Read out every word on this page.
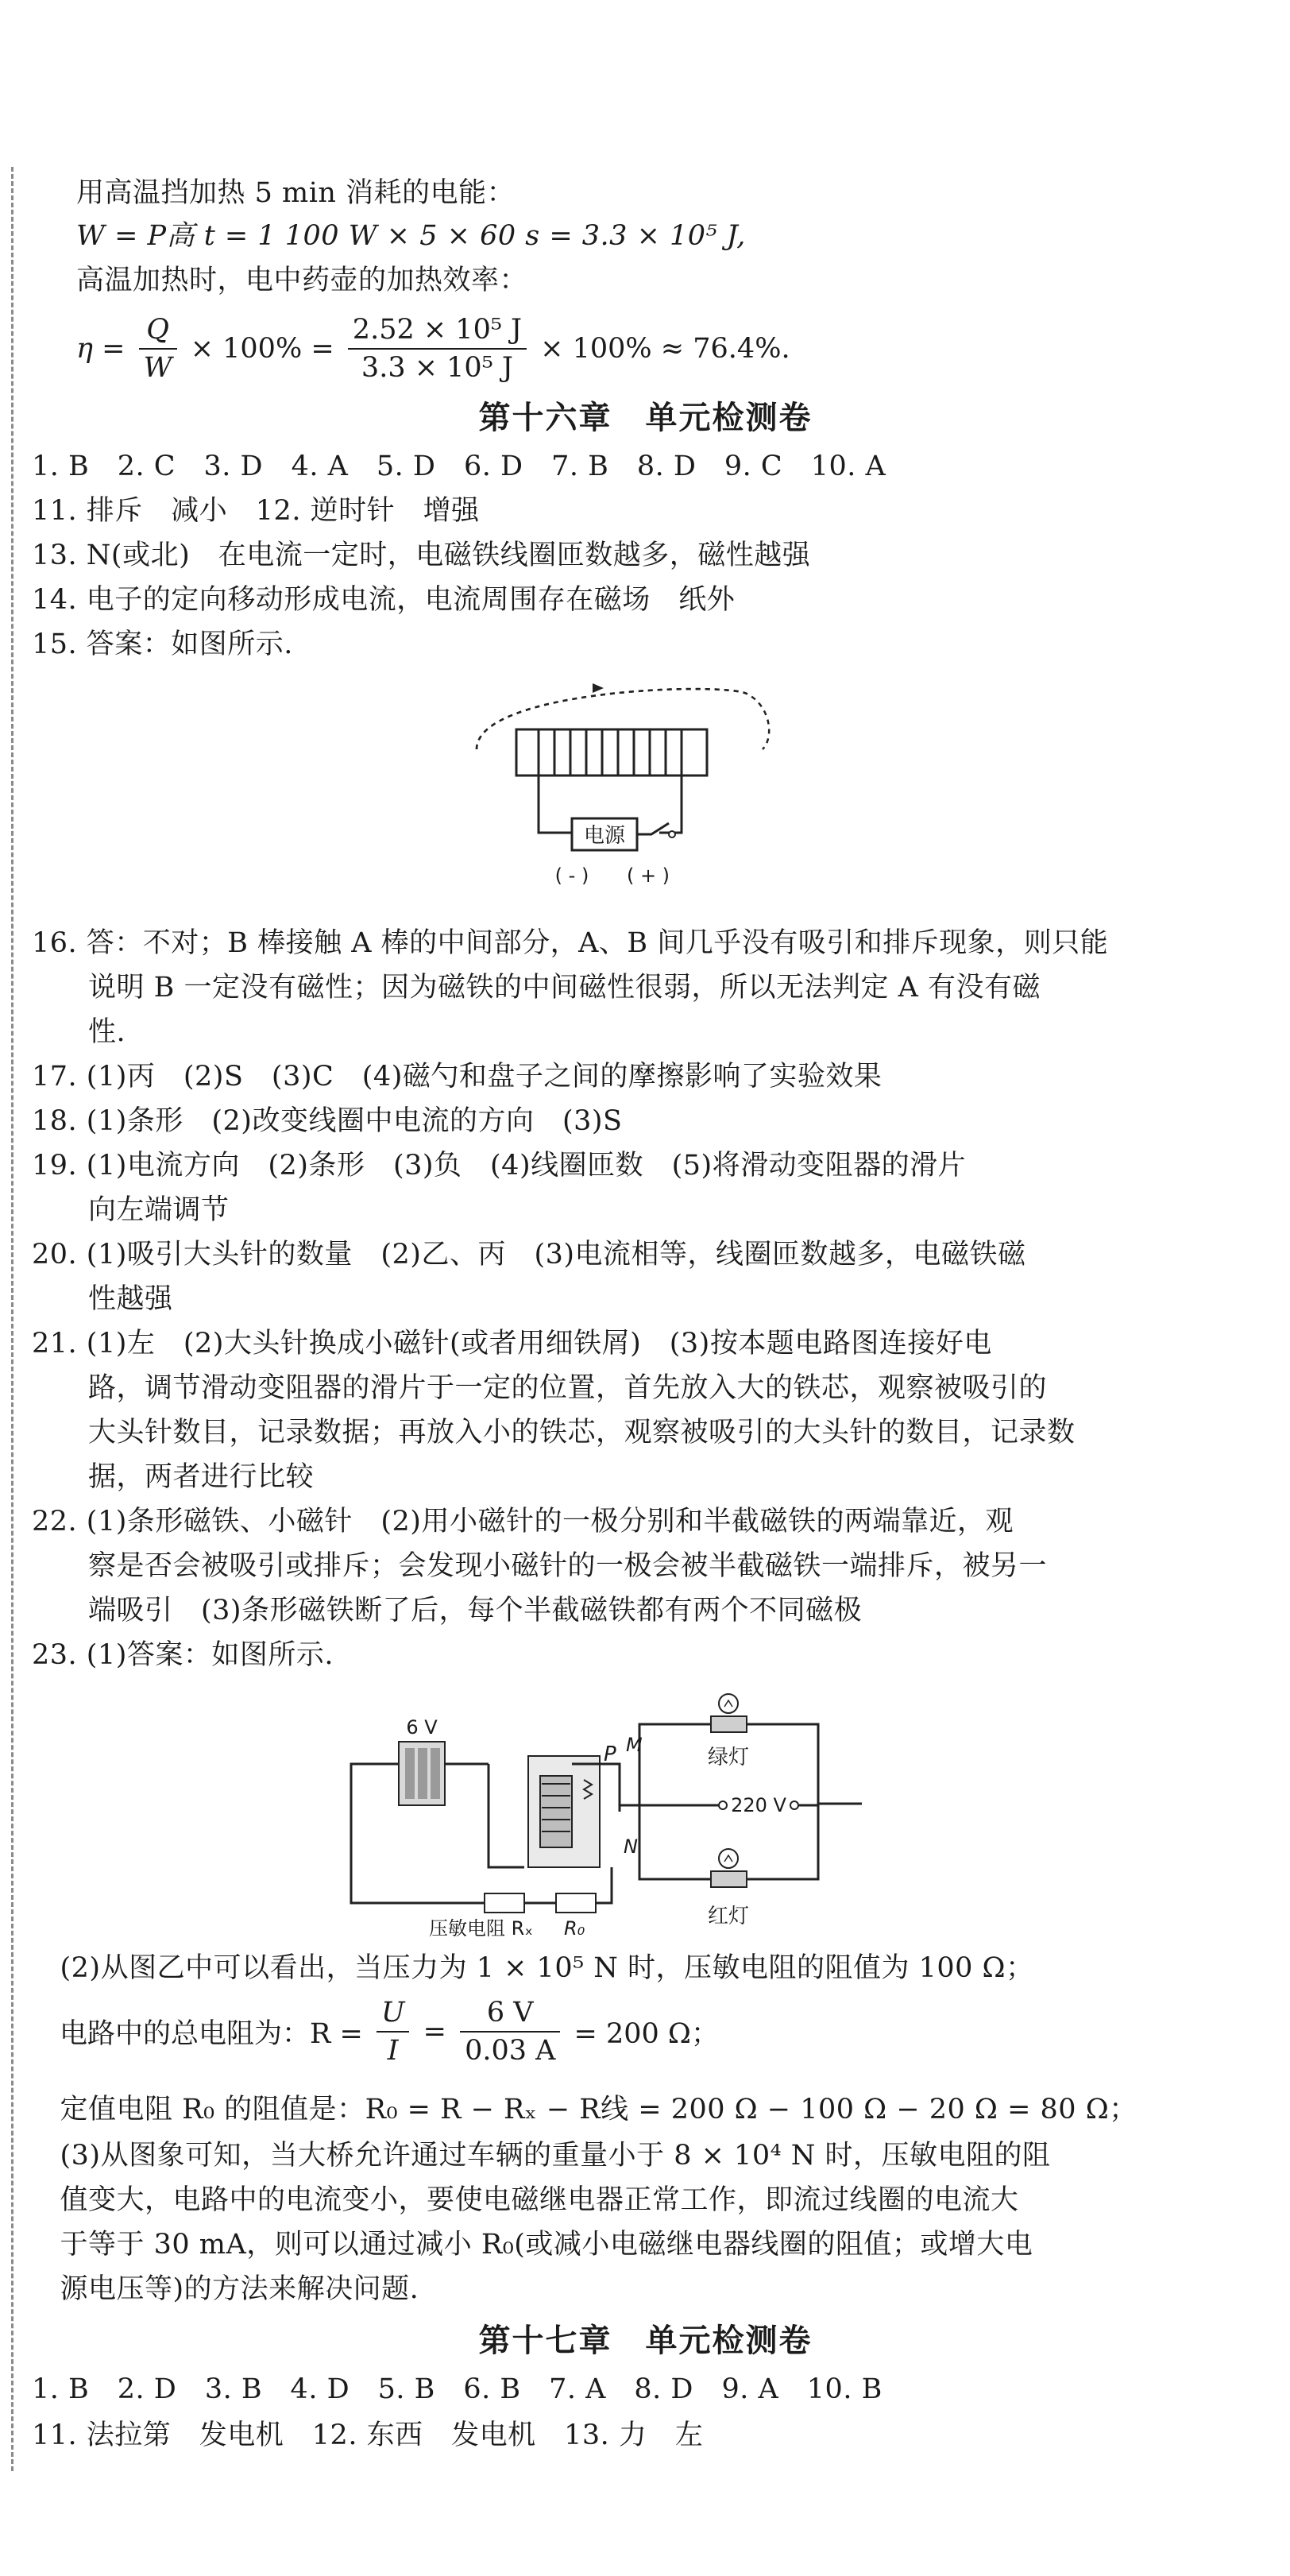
用高温挡加热 5 min 消耗的电能：
W = P高 t = 1 100 W × 5 × 60 s = 3.3 × 10⁵ J,
高温加热时，电中药壶的加热效率：
$\eta = \frac{Q}{W} \times 100\% = \frac{\text{2.52 × 10⁵ J}}{\text{3.3 × 10⁵ J}} \times 100\% \approx 76.4\%$.
第十六章　单元检测卷
1. B　2. C　3. D　4. A　5. D　6. D　7. B　8. D　9. C　10. A
11. 排斥　减小　12. 逆时针　增强
13. N(或北)　在电流一定时，电磁铁线圈匝数越多，磁性越强
14. 电子的定向移动形成电流，电流周围存在磁场　纸外
15. 答案：如图所示.
电源
( - ) ( + )
16. 答：不对；B 棒接触 A 棒的中间部分，A、B 间几乎没有吸引和排斥现象，则只能
　　说明 B 一定没有磁性；因为磁铁的中间磁性很弱，所以无法判定 A 有没有磁
　　性.
17. (1)丙　(2)S　(3)C　(4)磁勺和盘子之间的摩擦影响了实验效果
18. (1)条形　(2)改变线圈中电流的方向　(3)S
19. (1)电流方向　(2)条形　(3)负　(4)线圈匝数　(5)将滑动变阻器的滑片
　　向左端调节
20. (1)吸引大头针的数量　(2)乙、丙　(3)电流相等，线圈匝数越多，电磁铁磁
　　性越强
21. (1)左　(2)大头针换成小磁针(或者用细铁屑)　(3)按本题电路图连接好电
　　路，调节滑动变阻器的滑片于一定的位置，首先放入大的铁芯，观察被吸引的
　　大头针数目，记录数据；再放入小的铁芯，观察被吸引的大头针的数目，记录数
　　据，两者进行比较
22. (1)条形磁铁、小磁针　(2)用小磁针的一极分别和半截磁铁的两端靠近，观
　　察是否会被吸引或排斥；会发现小磁针的一极会被半截磁铁一端排斥，被另一
　　端吸引　(3)条形磁铁断了后，每个半截磁铁都有两个不同磁极
23. (1)答案：如图所示.
6 V
P M
N
绿灯
红灯
220 V
压敏电阻 Rₓ R₀
　(2)从图乙中可以看出，当压力为 1 × 10⁵ N 时，压敏电阻的阻值为 100 Ω；
　电路中的总电阻为：$R = \frac{U}{I} = \frac{6 V}{0.03 A} = 200$ Ω；
　定值电阻 R₀ 的阻值是：R₀ = R − Rₓ − R线 = 200 Ω − 100 Ω − 20 Ω = 80 Ω；
　(3)从图象可知，当大桥允许通过车辆的重量小于 8 × 10⁴ N 时，压敏电阻的阻
　值变大，电路中的电流变小，要使电磁继电器正常工作，即流过线圈的电流大
　于等于 30 mA，则可以通过减小 R₀(或减小电磁继电器线圈的阻值；或增大电
　源电压等)的方法来解决问题.
第十七章　单元检测卷
1. B　2. D　3. B　4. D　5. B　6. B　7. A　8. D　9. A　10. B
11. 法拉第　发电机　12. 东西　发电机　13. 力　左
